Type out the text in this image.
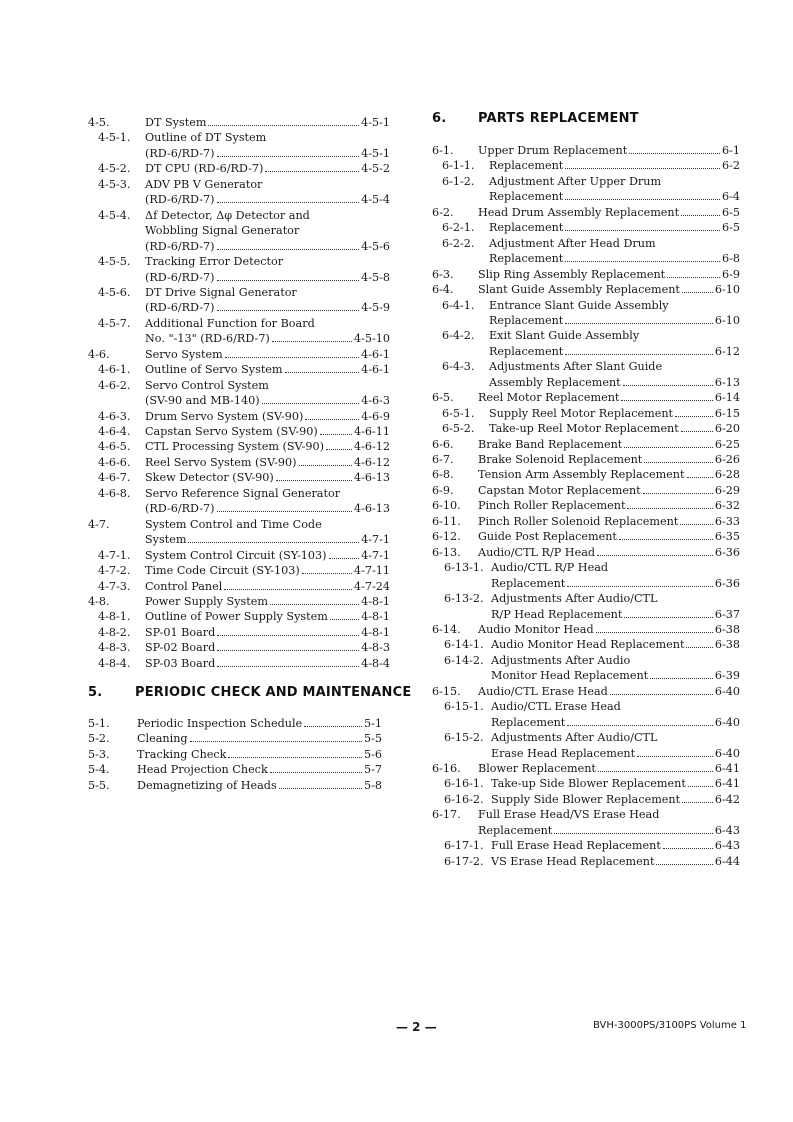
4-5.	DT System	4-5-1
4-5-1. Outline of DT System
(RD-6/RD-7)	4-5-1
4-5-2. DT CPU (RD-6/RD-7)	4-5-2
4-5-3. ADV PB V Generator
(RD-6/RD-7)	4-5-4
4-5-4. Δf Detector, Δφ Detector and
Wobbling Signal Generator
(RD-6/RD-7)	4-5-6
4-5-5. Tracking Error Detector
(RD-6/RD-7)	4-5-8
4-5-6. DT Drive Signal Generator
(RD-6/RD-7)	4-5-9
4-5-7. Additional Function for Board
No. "-13" (RD-6/RD-7)	4-5-10
4-6.	Servo System	4-6-1
4-6-1. Outline of Servo System	4-6-1
4-6-2. Servo Control System
(SV-90 and MB-140)	4-6-3
4-6-3. Drum Servo System (SV-90)	4-6-9
4-6-4. Capstan Servo System (SV-90)	4-6-11
4-6-5. CTL Processing System (SV-90)	4-6-12
4-6-6. Reel Servo System (SV-90)	4-6-12
4-6-7. Skew Detector (SV-90)	4-6-13
4-6-8. Servo Reference Signal Generator
(RD-6/RD-7)	4-6-13
4-7.	System Control and Time Code
System	4-7-1
4-7-1. System Control Circuit (SY-103)	4-7-1
4-7-2. Time Code Circuit (SY-103)	4-7-11
4-7-3. Control Panel	4-7-24
4-8.	Power Supply System	4-8-1
4-8-1. Outline of Power Supply System	4-8-1
4-8-2. SP-01 Board	4-8-1
4-8-3. SP-02 Board	4-8-3
4-8-4. SP-03 Board	4-8-4
5.	PERIODIC CHECK AND MAINTENANCE
5-1. Periodic Inspection Schedule	5-1
5-2. Cleaning	5-5
5-3. Tracking Check	5-6
5-4. Head Projection Check	5-7
5-5. Demagnetizing of Heads	5-8
6. PARTS REPLACEMENT
6-1. Upper Drum Replacement	6-1
6-1-1. Replacement	6-2
6-1-2. Adjustment After Upper Drum
Replacement	6-4
6-2. Head Drum Assembly Replacement	6-5
6-2-1. Replacement	6-5
6-2-2. Adjustment After Head Drum
Replacement	6-8
6-3. Slip Ring Assembly Replacement	6-9
6-4. Slant Guide Assembly Replacement	6-10
6-4-1. Entrance Slant Guide Assembly
Replacement	6-10
6-4-2. Exit Slant Guide Assembly
Replacement	6-12
6-4-3. Adjustments After Slant Guide
Assembly Replacement	6-13
6-5. Reel Motor Replacement	6-14
6-5-1. Supply Reel Motor Replacement	6-15
6-5-2. Take-up Reel Motor Replacement	6-20
6-6. Brake Band Replacement	6-25
6-7. Brake Solenoid Replacement	6-26
6-8. Tension Arm Assembly Replacement	6-28
6-9. Capstan Motor Replacement	6-29
6-10. Pinch Roller Replacement	6-32
6-11. Pinch Roller Solenoid Replacement	6-33
6-12. Guide Post Replacement	6-35
6-13. Audio/CTL R/P Head	6-36
6-13-1. Audio/CTL R/P Head
Replacement	6-36
6-13-2. Adjustments After Audio/CTL
R/P Head Replacement	6-37
6-14. Audio Monitor Head	6-38
6-14-1. Audio Monitor Head Replacement	6-38
6-14-2. Adjustments After Audio
Monitor Head Replacement	6-39
6-15. Audio/CTL Erase Head	6-40
6-15-1. Audio/CTL Erase Head
Replacement	6-40
6-15-2. Adjustments After Audio/CTL
Erase Head Replacement	6-40
6-16. Blower Replacement	6-41
6-16-1. Take-up Side Blower Replacement	6-41
6-16-2. Supply Side Blower Replacement	6-42
6-17. Full Erase Head/VS Erase Head
Replacement	6-43
6-17-1. Full Erase Head Replacement	6-43
6-17-2. VS Erase Head Replacement	6-44
— 2 —	BVH-3000PS/3100PS Volume 1
